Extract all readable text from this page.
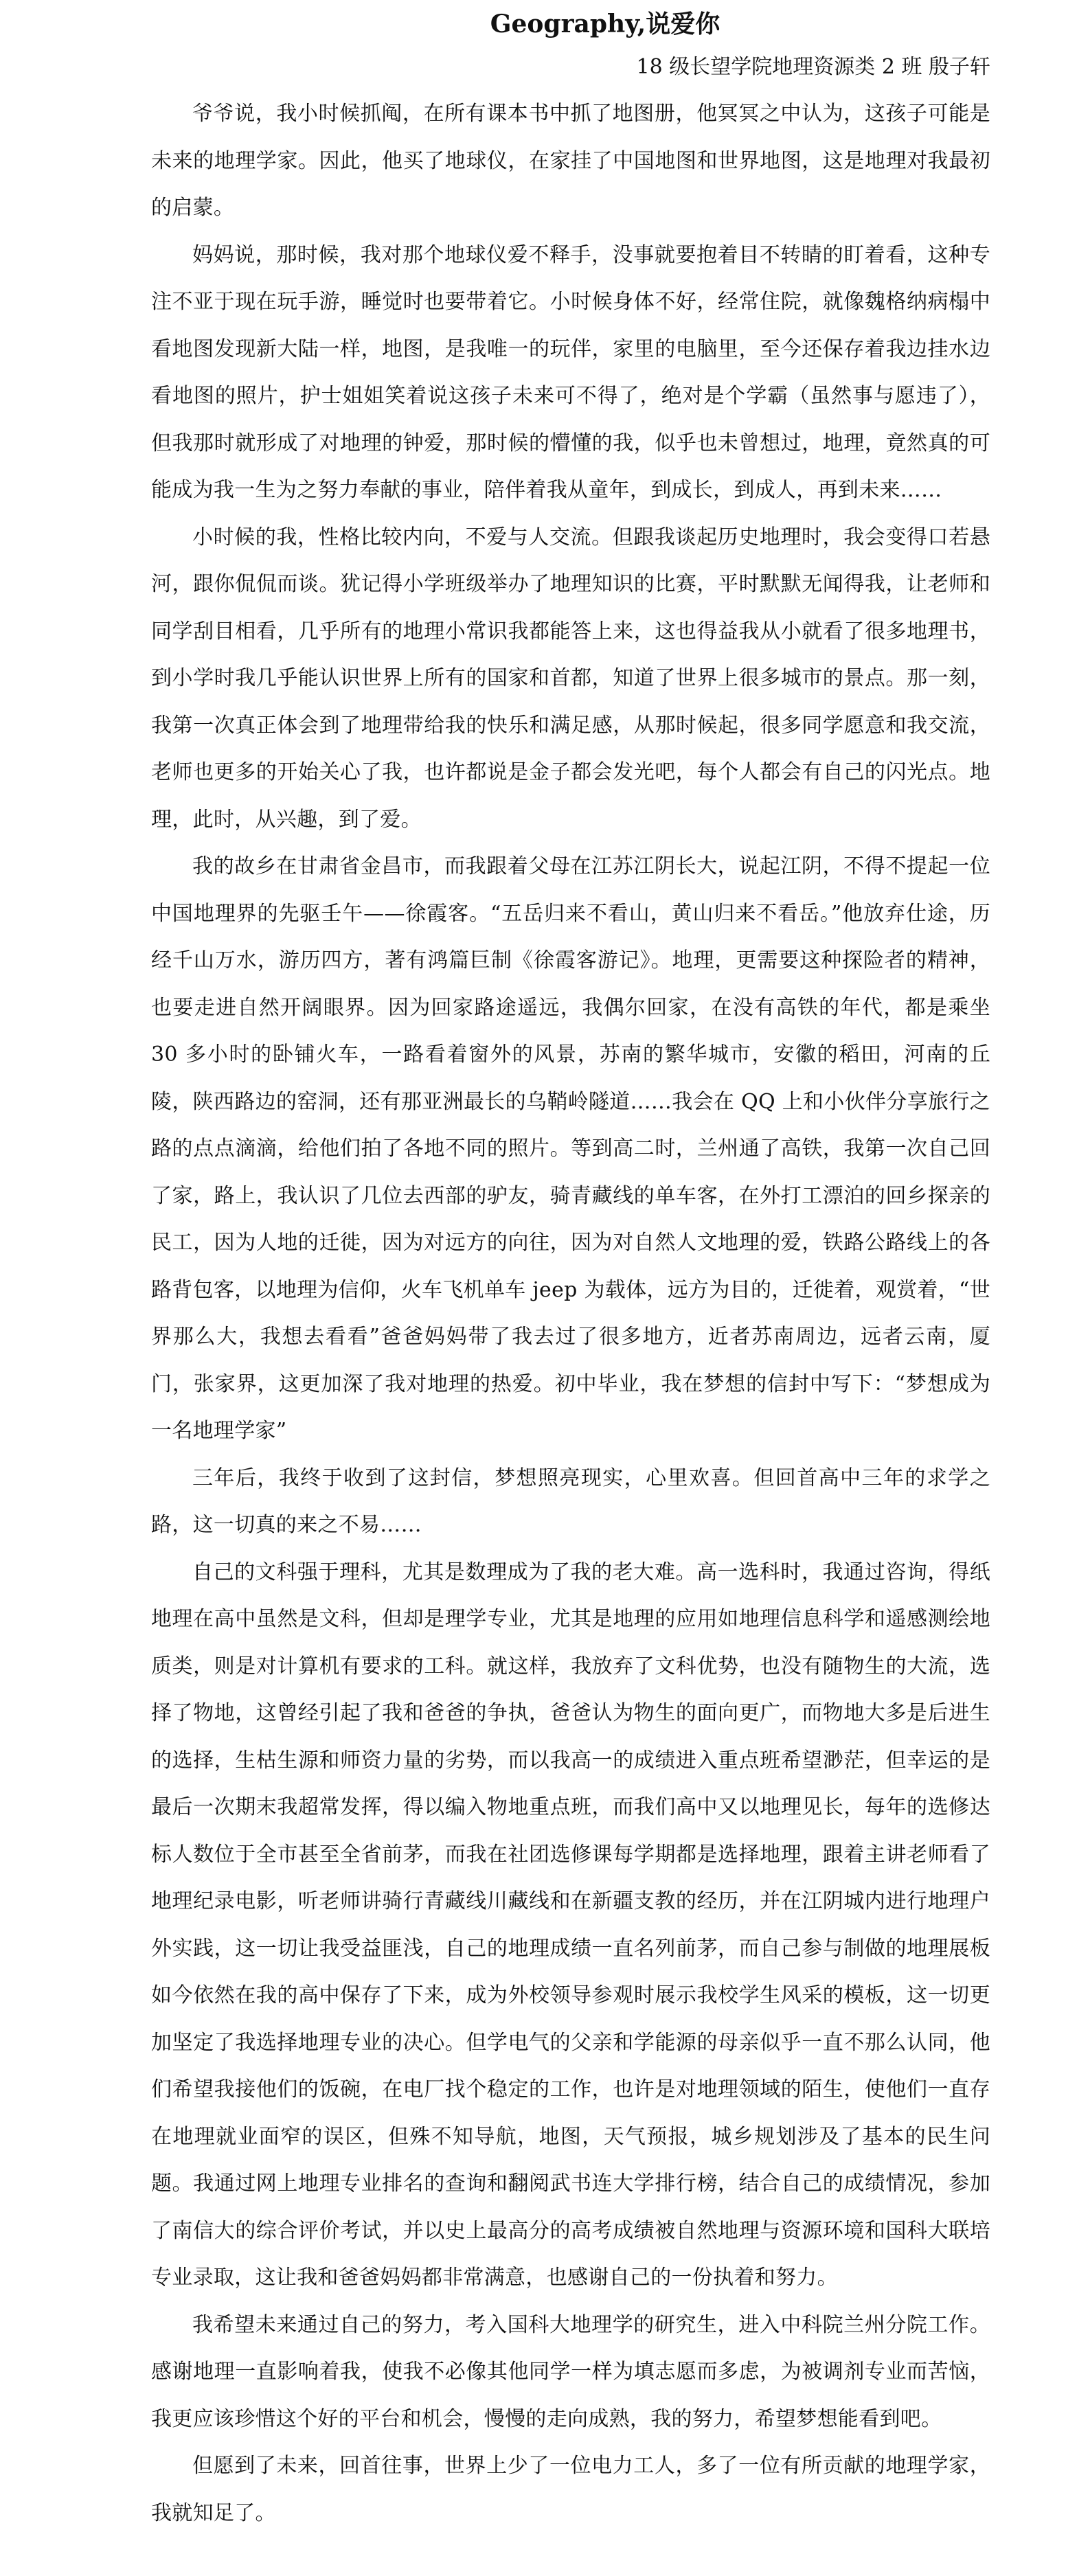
Geography,说爱你
18 级长望学院地理资源类 2 班 殷子轩

爷爷说，我小时候抓阄，在所有课本书中抓了地图册，他冥冥之中认为，这孩子可能是未来的地理学家。因此，他买了地球仪，在家挂了中国地图和世界地图，这是地理对我最初的启蒙。

妈妈说，那时候，我对那个地球仪爱不释手，没事就要抱着目不转睛的盯着看，这种专注不亚于现在玩手游，睡觉时也要带着它。小时候身体不好，经常住院，就像魏格纳病榻中看地图发现新大陆一样，地图，是我唯一的玩伴，家里的电脑里，至今还保存着我边挂水边看地图的照片，护士姐姐笑着说这孩子未来可不得了，绝对是个学霸（虽然事与愿违了），但我那时就形成了对地理的钟爱，那时候的懵懂的我，似乎也未曾想过，地理，竟然真的可能成为我一生为之努力奉献的事业，陪伴着我从童年，到成长，到成人，再到未来……

小时候的我，性格比较内向，不爱与人交流。但跟我谈起历史地理时，我会变得口若悬河，跟你侃侃而谈。犹记得小学班级举办了地理知识的比赛，平时默默无闻得我，让老师和同学刮目相看，几乎所有的地理小常识我都能答上来，这也得益我从小就看了很多地理书，到小学时我几乎能认识世界上所有的国家和首都，知道了世界上很多城市的景点。那一刻，我第一次真正体会到了地理带给我的快乐和满足感，从那时候起，很多同学愿意和我交流，老师也更多的开始关心了我，也许都说是金子都会发光吧，每个人都会有自己的闪光点。地理，此时，从兴趣，到了爱。

我的故乡在甘肃省金昌市，而我跟着父母在江苏江阴长大，说起江阴，不得不提起一位中国地理界的先驱壬午——徐霞客。“五岳归来不看山，黄山归来不看岳。”他放弃仕途，历经千山万水，游历四方，著有鸿篇巨制《徐霞客游记》。地理，更需要这种探险者的精神，也要走进自然开阔眼界。因为回家路途遥远，我偶尔回家，在没有高铁的年代，都是乘坐 30 多小时的卧铺火车，一路看着窗外的风景，苏南的繁华城市，安徽的稻田，河南的丘陵，陕西路边的窑洞，还有那亚洲最长的乌鞘岭隧道……我会在 QQ 上和小伙伴分享旅行之路的点点滴滴，给他们拍了各地不同的照片。等到高二时，兰州通了高铁，我第一次自己回了家，路上，我认识了几位去西部的驴友，骑青藏线的单车客，在外打工漂泊的回乡探亲的民工，因为人地的迁徙，因为对远方的向往，因为对自然人文地理的爱，铁路公路线上的各路背包客，以地理为信仰，火车飞机单车 jeep 为载体，远方为目的，迁徙着，观赏着，“世界那么大，我想去看看”爸爸妈妈带了我去过了很多地方，近者苏南周边，远者云南，厦门，张家界，这更加深了我对地理的热爱。初中毕业，我在梦想的信封中写下：“梦想成为一名地理学家”

三年后，我终于收到了这封信，梦想照亮现实，心里欢喜。但回首高中三年的求学之路，这一切真的来之不易……

自己的文科强于理科，尤其是数理成为了我的老大难。高一选科时，我通过咨询，得纸地理在高中虽然是文科，但却是理学专业，尤其是地理的应用如地理信息科学和遥感测绘地质类，则是对计算机有要求的工科。就这样，我放弃了文科优势，也没有随物生的大流，选择了物地，这曾经引起了我和爸爸的争执，爸爸认为物生的面向更广，而物地大多是后进生的选择，生枯生源和师资力量的劣势，而以我高一的成绩进入重点班希望渺茫，但幸运的是最后一次期末我超常发挥，得以编入物地重点班，而我们高中又以地理见长，每年的选修达标人数位于全市甚至全省前茅，而我在社团选修课每学期都是选择地理，跟着主讲老师看了地理纪录电影，听老师讲骑行青藏线川藏线和在新疆支教的经历，并在江阴城内进行地理户外实践，这一切让我受益匪浅，自己的地理成绩一直名列前茅，而自己参与制做的地理展板如今依然在我的高中保存了下来，成为外校领导参观时展示我校学生风采的模板，这一切更加坚定了我选择地理专业的决心。但学电气的父亲和学能源的母亲似乎一直不那么认同，他们希望我接他们的饭碗，在电厂找个稳定的工作，也许是对地理领域的陌生，使他们一直存在地理就业面窄的误区，但殊不知导航，地图，天气预报，城乡规划涉及了基本的民生问题。我通过网上地理专业排名的查询和翻阅武书连大学排行榜，结合自己的成绩情况，参加了南信大的综合评价考试，并以史上最高分的高考成绩被自然地理与资源环境和国科大联培专业录取，这让我和爸爸妈妈都非常满意，也感谢自己的一份执着和努力。

我希望未来通过自己的努力，考入国科大地理学的研究生，进入中科院兰州分院工作。感谢地理一直影响着我，使我不必像其他同学一样为填志愿而多虑，为被调剂专业而苦恼，我更应该珍惜这个好的平台和机会，慢慢的走向成熟，我的努力，希望梦想能看到吧。

但愿到了未来，回首往事，世界上少了一位电力工人，多了一位有所贡献的地理学家，我就知足了。
